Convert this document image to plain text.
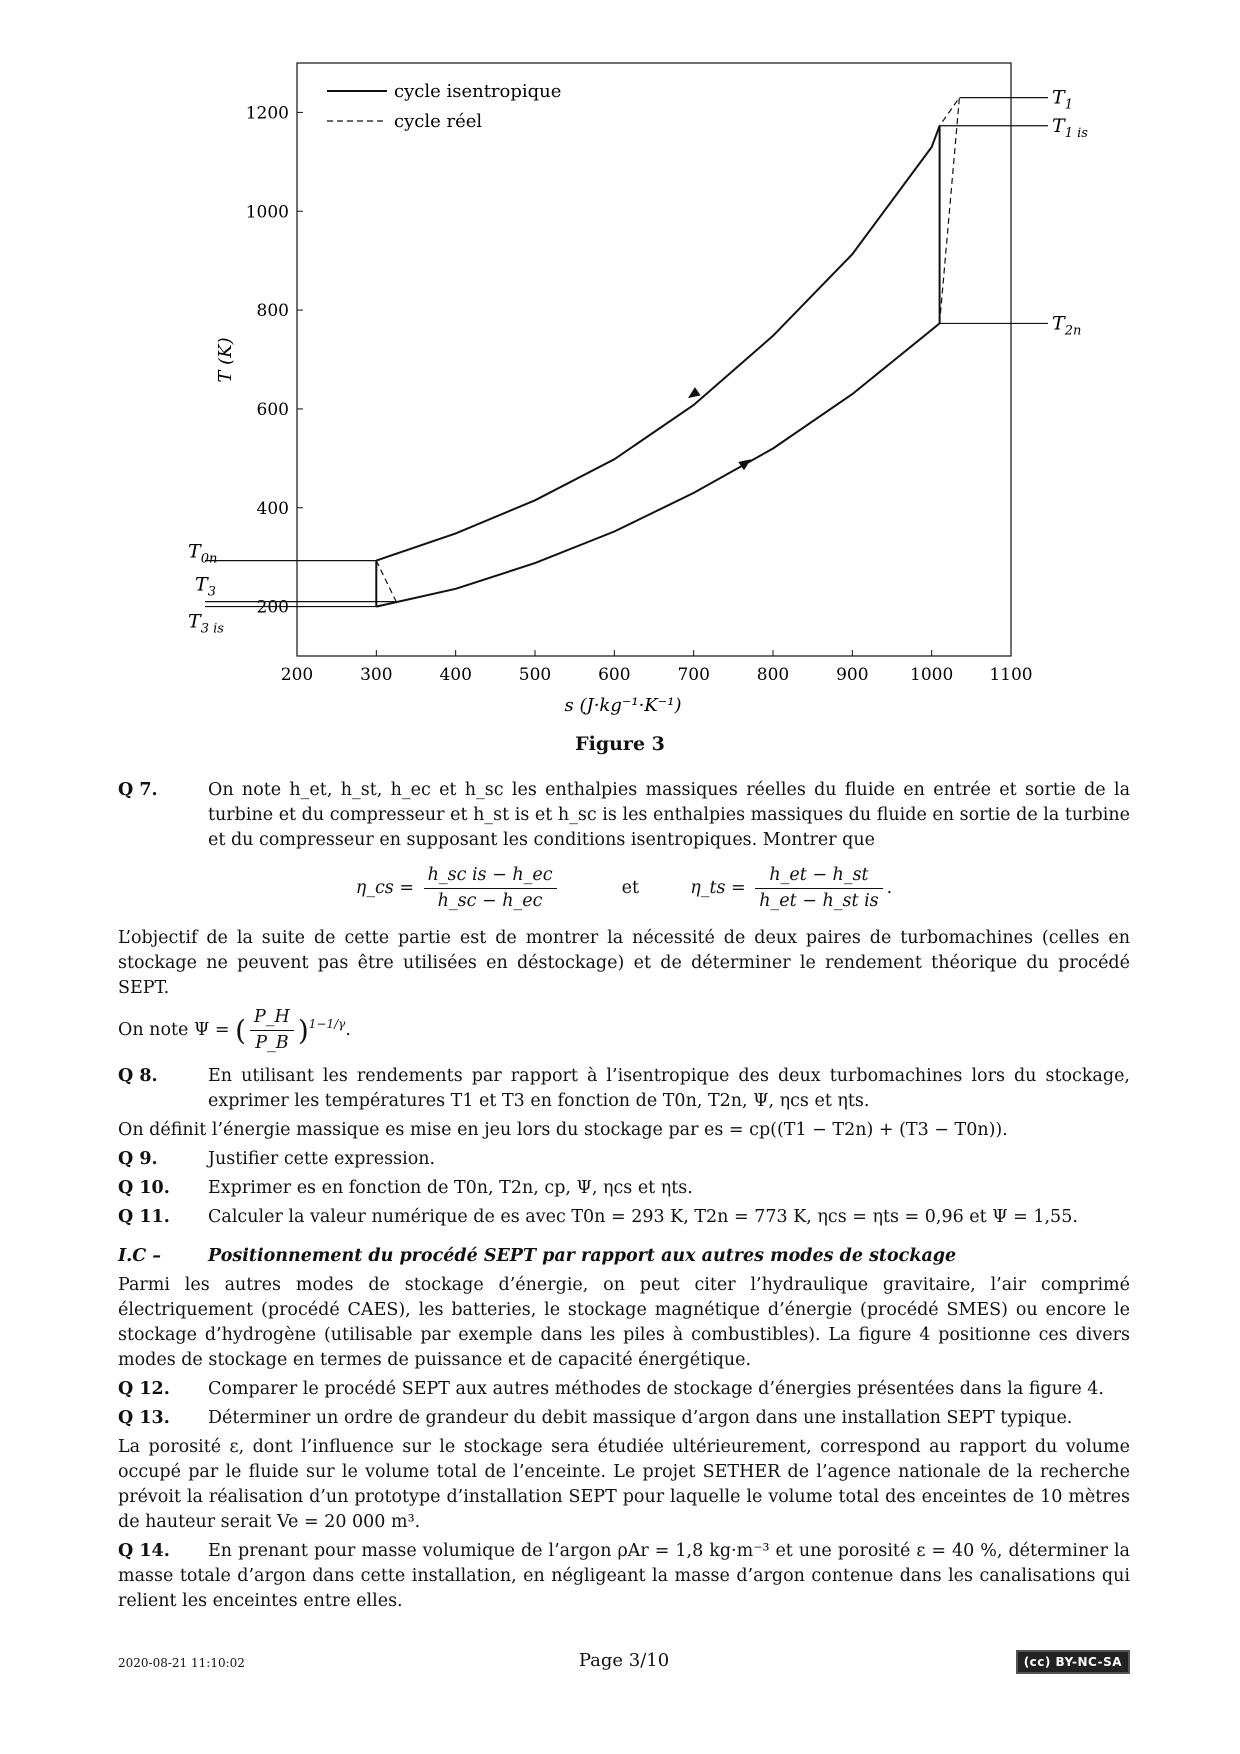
200	300	400	500	600	700	800	900 1000 1100
200
400
600
800
1000
1200
$T_1$
$T_{1 is}$
$T_{2n}$
$T_{0n}$
$T_3$
$T_{3 is}$
cycle isentropique
cycle réel
s (J·kg⁻¹·K⁻¹)
T (K)
Figure 3
Q 7.	On note h_et, h_st, h_ec et h_sc les enthalpies massiques réelles du fluide en entrée et sortie de la turbine et du compresseur et h_st is et h_sc is les enthalpies massiques du fluide en sortie de la turbine et du compresseur en supposant les conditions isentropiques. Montrer que
η_cs = $\frac{\text{h\_sc is − h\_ec}}{h\_sc - h\_ec}$	et	η_ts = $\frac{h\_et - h\_st}{\text{h\_et − h\_st is}}$ .

L’objectif de la suite de cette partie est de montrer la nécessité de deux paires de turbomachines (celles en stockage ne peuvent pas être utilisées en déstockage) et de déterminer le rendement théorique du procédé SEPT.

On note Ψ = ( $\frac{P\_H}{P\_B} )^{1-1/\gamma}$.

Q 8.	En utilisant les rendements par rapport à l’isentropique des deux turbomachines lors du stockage, exprimer les températures T1 et T3 en fonction de T0n, T2n, Ψ, ηcs et ηts.

On définit l’énergie massique es mise en jeu lors du stockage par es = cp((T1 − T2n) + (T3 − T0n)).

Q 9.	Justifier cette expression.
Q 10.	Exprimer es en fonction de T0n, T2n, cp, Ψ, ηcs et ηts.
Q 11.	Calculer la valeur numérique de es avec T0n = 293 K, T2n = 773 K, ηcs = ηts = 0,96 et Ψ = 1,55.
I.C –	Positionnement du procédé SEPT par rapport aux autres modes de stockage

Parmi les autres modes de stockage d’énergie, on peut citer l’hydraulique gravitaire, l’air comprimé électriquement (procédé CAES), les batteries, le stockage magnétique d’énergie (procédé SMES) ou encore le stockage d’hydrogène (utilisable par exemple dans les piles à combustibles). La figure 4 positionne ces divers modes de stockage en termes de puissance et de capacité énergétique.

Q 12.	Comparer le procédé SEPT aux autres méthodes de stockage d’énergies présentées dans la figure 4.
Q 13.	Déterminer un ordre de grandeur du debit massique d’argon dans une installation SEPT typique.

La porosité ε, dont l’influence sur le stockage sera étudiée ultérieurement, correspond au rapport du volume occupé par le fluide sur le volume total de l’enceinte. Le projet SETHER de l’agence nationale de la recherche prévoit la réalisation d’un prototype d’installation SEPT pour laquelle le volume total des enceintes de 10 mètres de hauteur serait Ve = 20 000 m³.

Q 14. En prenant pour masse volumique de l’argon ρAr = 1,8 kg·m⁻³ et une porosité ε = 40 %, déterminer la masse totale d’argon dans cette installation, en négligeant la masse d’argon contenue dans les canalisations qui relient les enceintes entre elles.

2020-08-21 11:10:02	Page 3/10	(cc) BY-NC-SA
